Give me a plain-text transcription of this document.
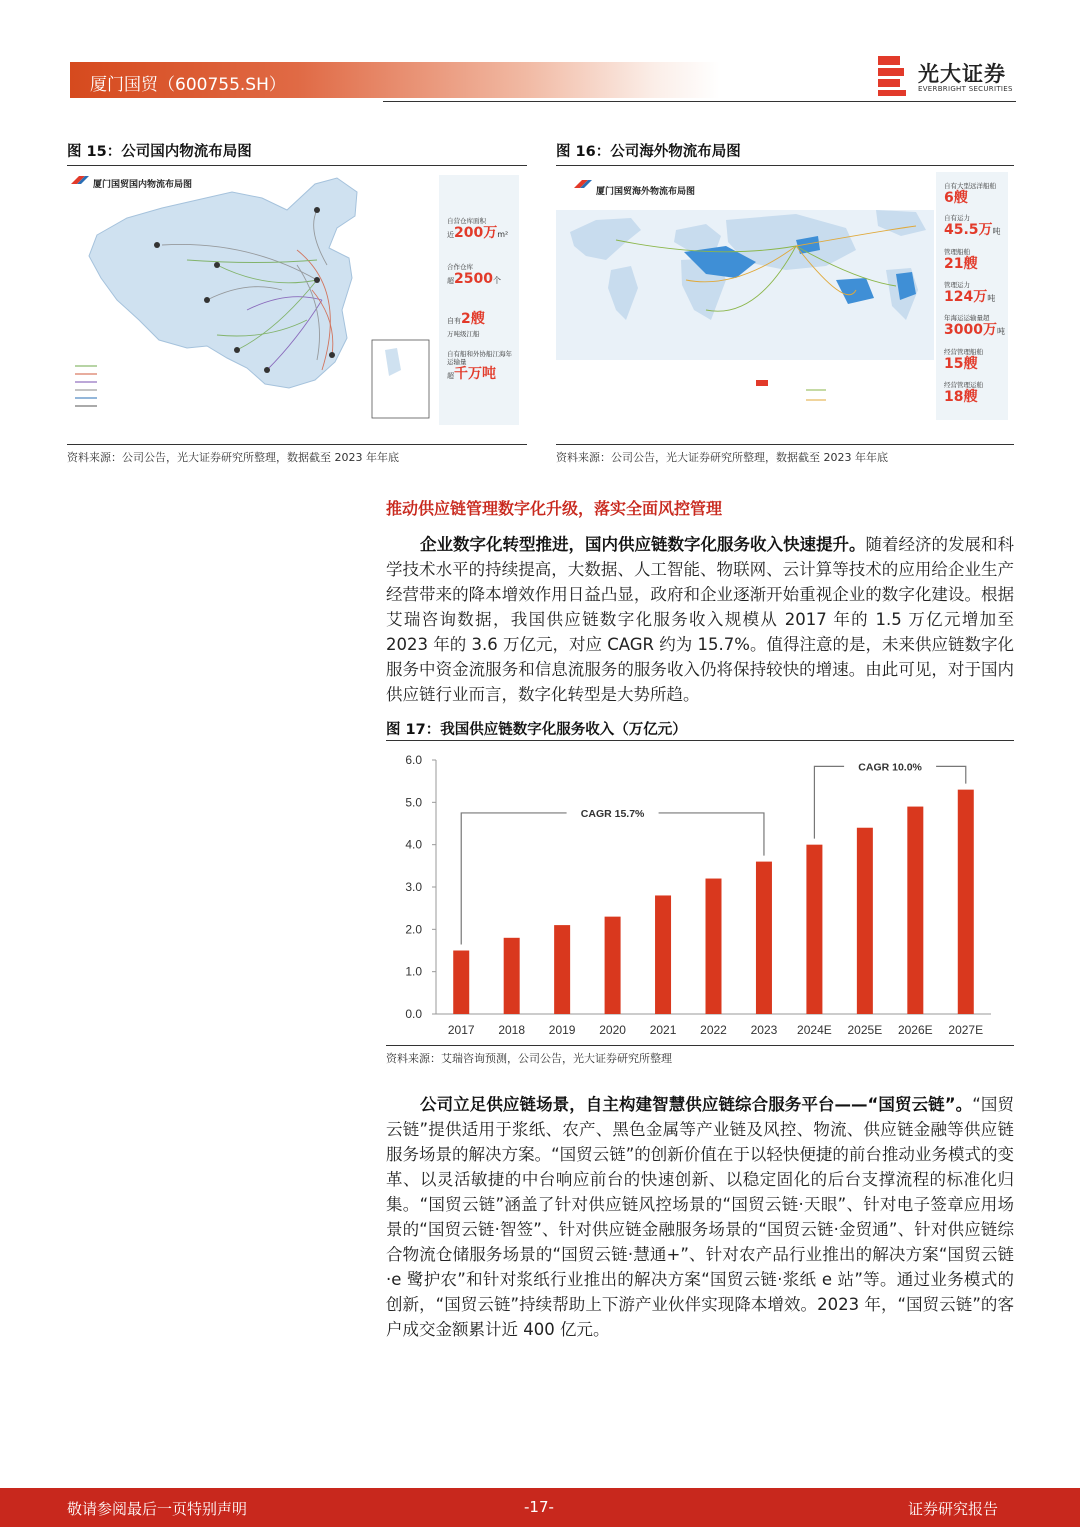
厦门国贸（600755.SH）	光大证券
EVERBRIGHT SECURITIES
图 15：公司国内物流布局图
厦门国贸国内物流布局图
自营仓库面积
近200万m²
合作仓库
超2500个
自有2艘
万吨级江船
自有船和外协船江海年运输量
超千万吨
资料来源：公司公告，光大证券研究所整理，数据截至 2023 年年底
图 16：公司海外物流布局图
厦门国贸海外物流布局图
自有大型远洋船舶
6艘
自有运力
45.5万吨
管理船舶
21艘
管理运力
124万吨
年海运运输量超
3000万吨
经营管理船舶
15艘
经营管理运舶
18艘
资料来源：公司公告，光大证券研究所整理，数据截至 2023 年年底
推动供应链管理数字化升级，落实全面风控管理
企业数字化转型推进，国内供应链数字化服务收入快速提升。随着经济的发展和科学技术水平的持续提高，大数据、人工智能、物联网、云计算等技术的应用给企业生产经营带来的降本增效作用日益凸显，政府和企业逐渐开始重视企业的数字化建设。根据艾瑞咨询数据，我国供应链数字化服务收入规模从 2017 年的 1.5 万亿元增加至 2023 年的 3.6 万亿元，对应 CAGR 约为 15.7%。值得注意的是，未来供应链数字化服务中资金流服务和信息流服务的服务收入仍将保持较快的增速。由此可见，对于国内供应链行业而言，数字化转型是大势所趋。
图 17：我国供应链数字化服务收入（万亿元）
0.0
1.0
2.0
3.0
4.0
5.0
6.0
2017 2018 2019 2020 2021 2022 2023 2024E 2025E 2026E 2027E
CAGR 15.7%
CAGR 10.0%
资料来源：艾瑞咨询预测，公司公告，光大证券研究所整理
公司立足供应链场景，自主构建智慧供应链综合服务平台——“国贸云链”。“国贸云链”提供适用于浆纸、农产、黑色金属等产业链及风控、物流、供应链金融等供应链服务场景的解决方案。“国贸云链”的创新价值在于以轻快便捷的前台推动业务模式的变革、以灵活敏捷的中台响应前台的快速创新、以稳定固化的后台支撑流程的标准化归集。“国贸云链”涵盖了针对供应链风控场景的“国贸云链·天眼”、针对电子签章应用场景的“国贸云链·智签”、针对供应链金融服务场景的“国贸云链·金贸通”、针对供应链综合物流仓储服务场景的“国贸云链·慧通+”、针对农产品行业推出的解决方案“国贸云链·e 鹭护农”和针对浆纸行业推出的解决方案“国贸云链·浆纸 e 站”等。通过业务模式的创新，“国贸云链”持续帮助上下游产业伙伴实现降本增效。2023 年，“国贸云链”的客户成交金额累计近 400 亿元。
敬请参阅最后一页特别声明	-17-	证券研究报告
